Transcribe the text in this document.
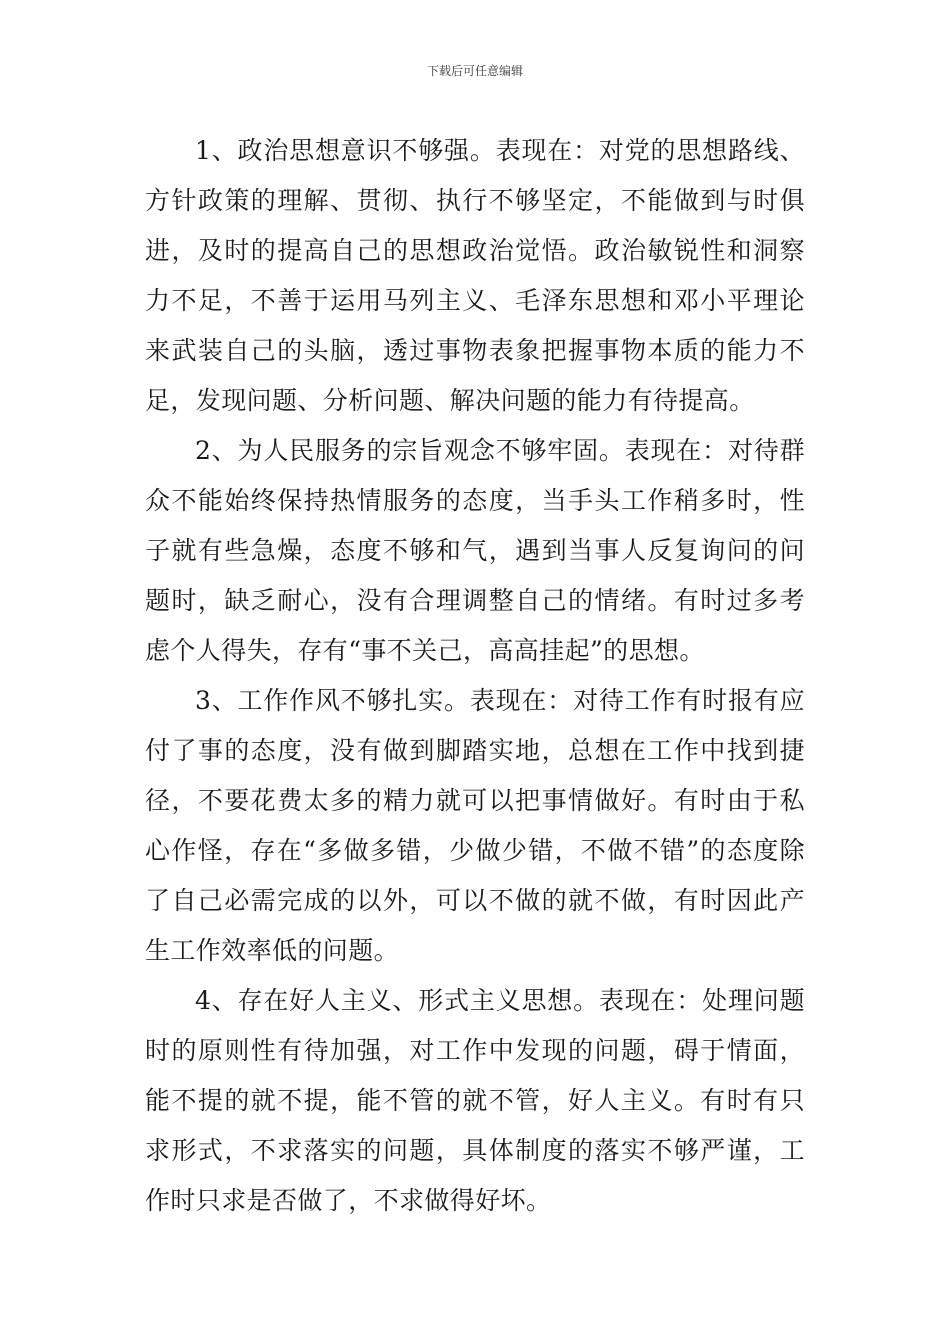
下载后可任意编辑

1、政治思想意识不够强。表现在：对党的思想路线、方针政策的理解、贯彻、执行不够坚定，不能做到与时俱进，及时的提高自己的思想政治觉悟。政治敏锐性和洞察力不足，不善于运用马列主义、毛泽东思想和邓小平理论来武装自己的头脑，透过事物表象把握事物本质的能力不足，发现问题、分析问题、解决问题的能力有待提高。

2、为人民服务的宗旨观念不够牢固。表现在：对待群众不能始终保持热情服务的态度，当手头工作稍多时，性子就有些急燥，态度不够和气，遇到当事人反复询问的问题时，缺乏耐心，没有合理调整自己的情绪。有时过多考虑个人得失，存有“事不关己，高高挂起”的思想。

3、工作作风不够扎实。表现在：对待工作有时报有应付了事的态度，没有做到脚踏实地，总想在工作中找到捷径，不要花费太多的精力就可以把事情做好。有时由于私心作怪，存在“多做多错，少做少错，不做不错”的态度除了自己必需完成的以外，可以不做的就不做，有时因此产生工作效率低的问题。

4、存在好人主义、形式主义思想。表现在：处理问题时的原则性有待加强，对工作中发现的问题，碍于情面，能不提的就不提，能不管的就不管，好人主义。有时有只求形式，不求落实的问题，具体制度的落实不够严谨，工作时只求是否做了，不求做得好坏。
